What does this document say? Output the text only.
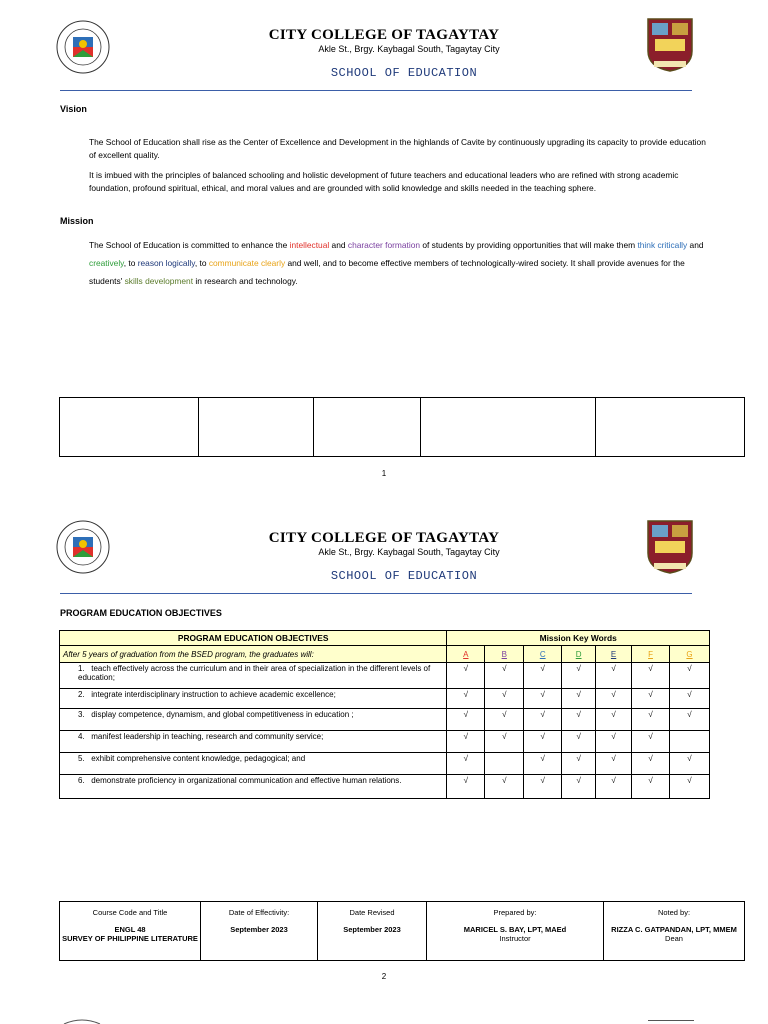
CITY COLLEGE OF TAGAYTAY
Akle St., Brgy. Kaybagal South, Tagaytay City
SCHOOL OF EDUCATION
Vision
The School of Education shall rise as the Center of Excellence and Development in the highlands of Cavite by continuously upgrading its capacity to provide education of excellent quality.
It is imbued with the principles of balanced schooling and holistic development of future teachers and educational leaders who are refined with strong academic foundation, profound spiritual, ethical, and moral values and are grounded with solid knowledge and skills needed in the teaching sphere.
Mission
The School of Education is committed to enhance the intellectual and character formation of students by providing opportunities that will make them think critically and creatively, to reason logically, to communicate clearly and well, and to become effective members of technologically-wired society. It shall provide avenues for the students' skills development in research and technology.

1
CITY COLLEGE OF TAGAYTAY
Akle St., Brgy. Kaybagal South, Tagaytay City
SCHOOL OF EDUCATION
PROGRAM EDUCATION OBJECTIVES
PROGRAM EDUCATION OBJECTIVES	Mission Key Words						
After 5 years of graduation from the BSED program, the graduates will:	A	B	C	D	E	F	G
1. teach effectively across the curriculum and in their area of specialization in the different levels of education;	√	√	√	√	√	√	√
2. integrate interdisciplinary instruction to achieve academic excellence;	√	√	√	√	√	√	√
3. display competence, dynamism, and global competitiveness in education ;	√	√	√	√	√	√	√
4. manifest leadership in teaching, research and community service;	√	√	√	√	√	√	
5. exhibit comprehensive content knowledge, pedagogical; and	√		√	√	√	√	√
6. demonstrate proficiency in organizational communication and effective human relations.	√	√	√	√	√	√	√
Course Code and Title
ENGL 48
SURVEY OF PHILIPPINE LITERATURE

Date of Effectivity:
September 2023

Date Revised
September 2023

Prepared by:
MARICEL S. BAY, LPT, MAEd
Instructor

Noted by:
RIZZA C. GATPANDAN, LPT, MMEM
Dean
2
